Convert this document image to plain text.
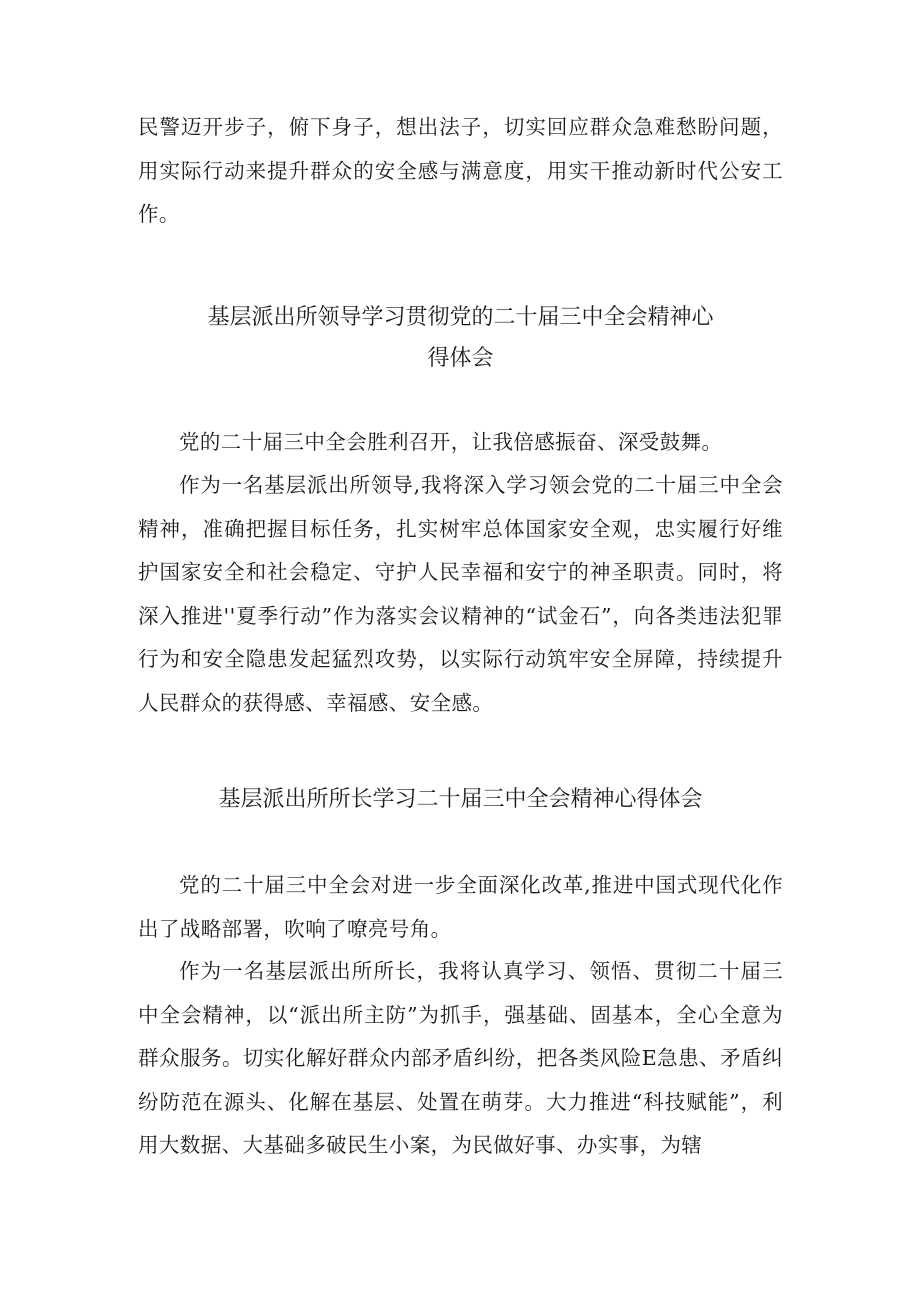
民警迈开步子，俯下身子，想出法子，切实回应群众急难愁盼问题，用实际行动来提升群众的安全感与满意度，用实干推动新时代公安工作。

基层派出所领导学习贯彻党的二十届三中全会精神心
得体会

党的二十届三中全会胜利召开，让我倍感振奋、深受鼓舞。

作为一名基层派出所领导,我将深入学习领会党的二十届三中全会精神，准确把握目标任务，扎实树牢总体国家安全观，忠实履行好维护国家安全和社会稳定、守护人民幸福和安宁的神圣职责。同时，将深入推进''夏季行动”作为落实会议精神的“试金石”，向各类违法犯罪行为和安全隐患发起猛烈攻势，以实际行动筑牢安全屏障，持续提升人民群众的获得感、幸福感、安全感。

基层派出所所长学习二十届三中全会精神心得体会

党的二十届三中全会对进一步全面深化改革,推进中国式现代化作出了战略部署，吹响了嘹亮号角。

作为一名基层派出所所长，我将认真学习、领悟、贯彻二十届三中全会精神，以“派出所主防”为抓手，强基础、固基本，全心全意为群众服务。切实化解好群众内部矛盾纠纷，把各类风险E急患、矛盾纠纷防范在源头、化解在基层、处置在萌芽。大力推进“科技赋能”，利用大数据、大基础多破民生小案，为民做好事、办实事，为辖
